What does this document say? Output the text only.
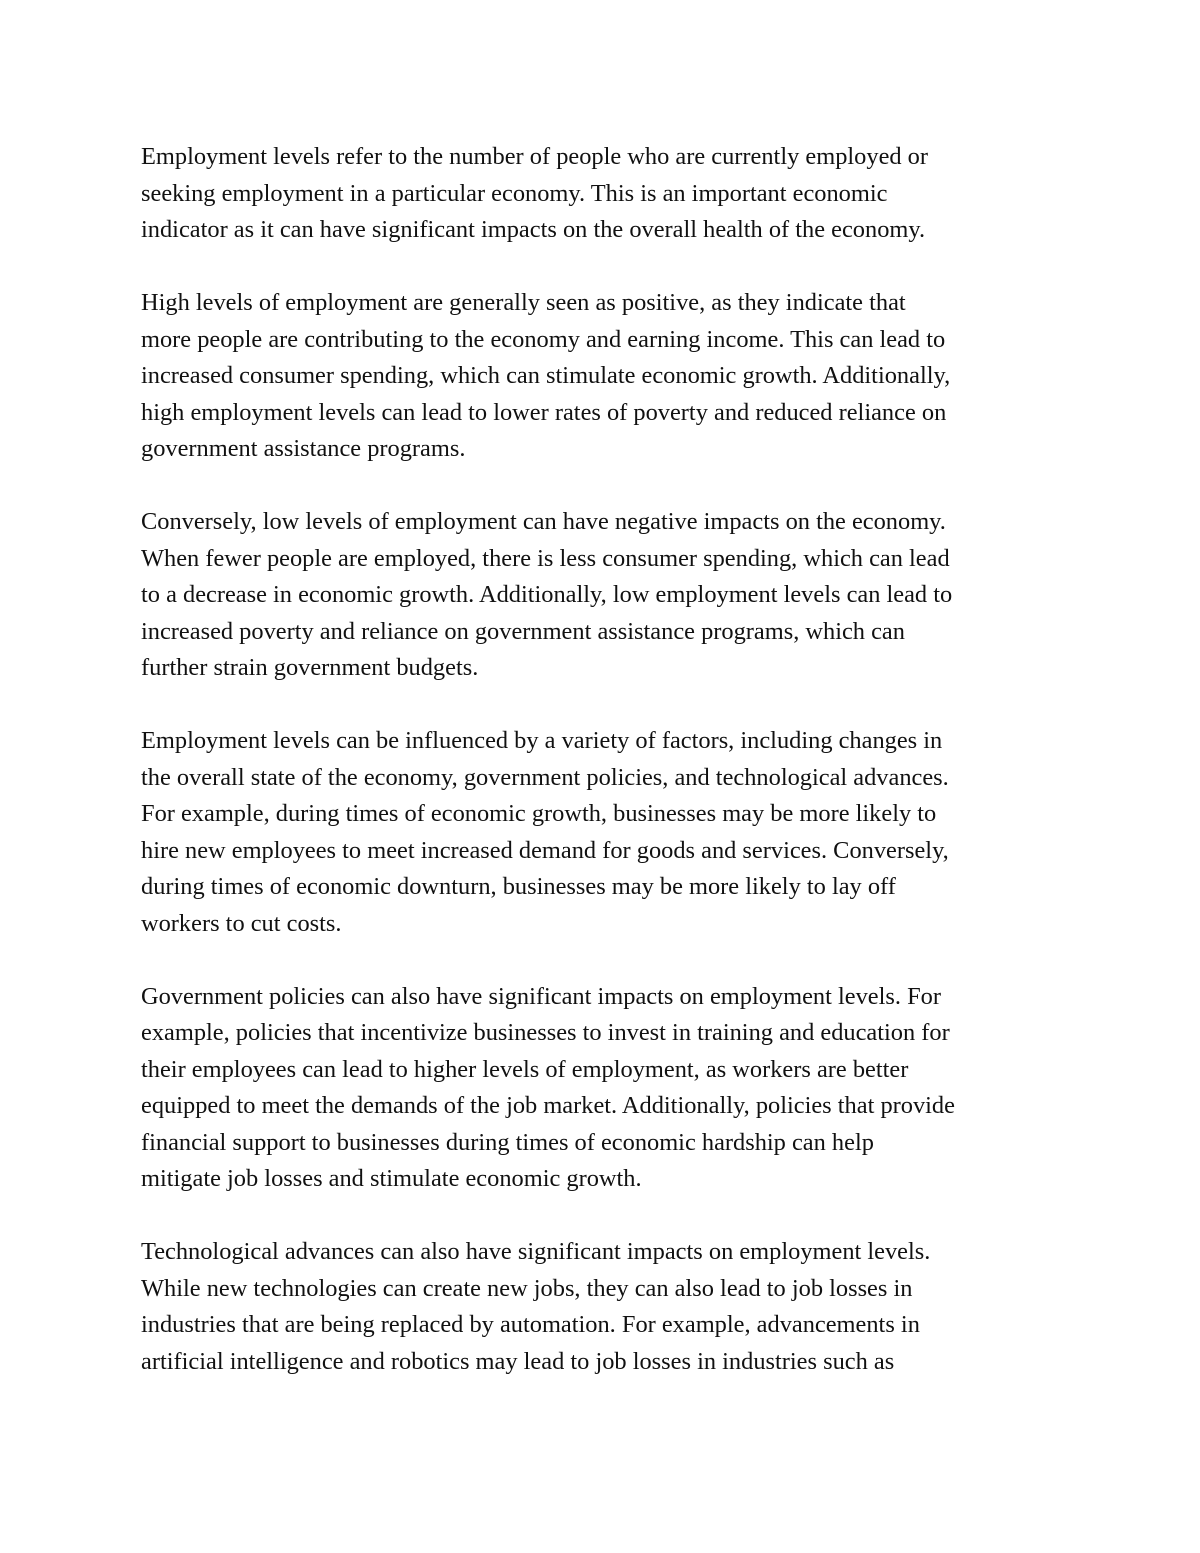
Employment levels refer to the number of people who are currently employed or
seeking employment in a particular economy. This is an important economic
indicator as it can have significant impacts on the overall health of the economy.

High levels of employment are generally seen as positive, as they indicate that
more people are contributing to the economy and earning income. This can lead to
increased consumer spending, which can stimulate economic growth. Additionally,
high employment levels can lead to lower rates of poverty and reduced reliance on
government assistance programs.

Conversely, low levels of employment can have negative impacts on the economy.
When fewer people are employed, there is less consumer spending, which can lead
to a decrease in economic growth. Additionally, low employment levels can lead to
increased poverty and reliance on government assistance programs, which can
further strain government budgets.

Employment levels can be influenced by a variety of factors, including changes in
the overall state of the economy, government policies, and technological advances.
For example, during times of economic growth, businesses may be more likely to
hire new employees to meet increased demand for goods and services. Conversely,
during times of economic downturn, businesses may be more likely to lay off
workers to cut costs.

Government policies can also have significant impacts on employment levels. For
example, policies that incentivize businesses to invest in training and education for
their employees can lead to higher levels of employment, as workers are better
equipped to meet the demands of the job market. Additionally, policies that provide
financial support to businesses during times of economic hardship can help
mitigate job losses and stimulate economic growth.

Technological advances can also have significant impacts on employment levels.
While new technologies can create new jobs, they can also lead to job losses in
industries that are being replaced by automation. For example, advancements in
artificial intelligence and robotics may lead to job losses in industries such as
